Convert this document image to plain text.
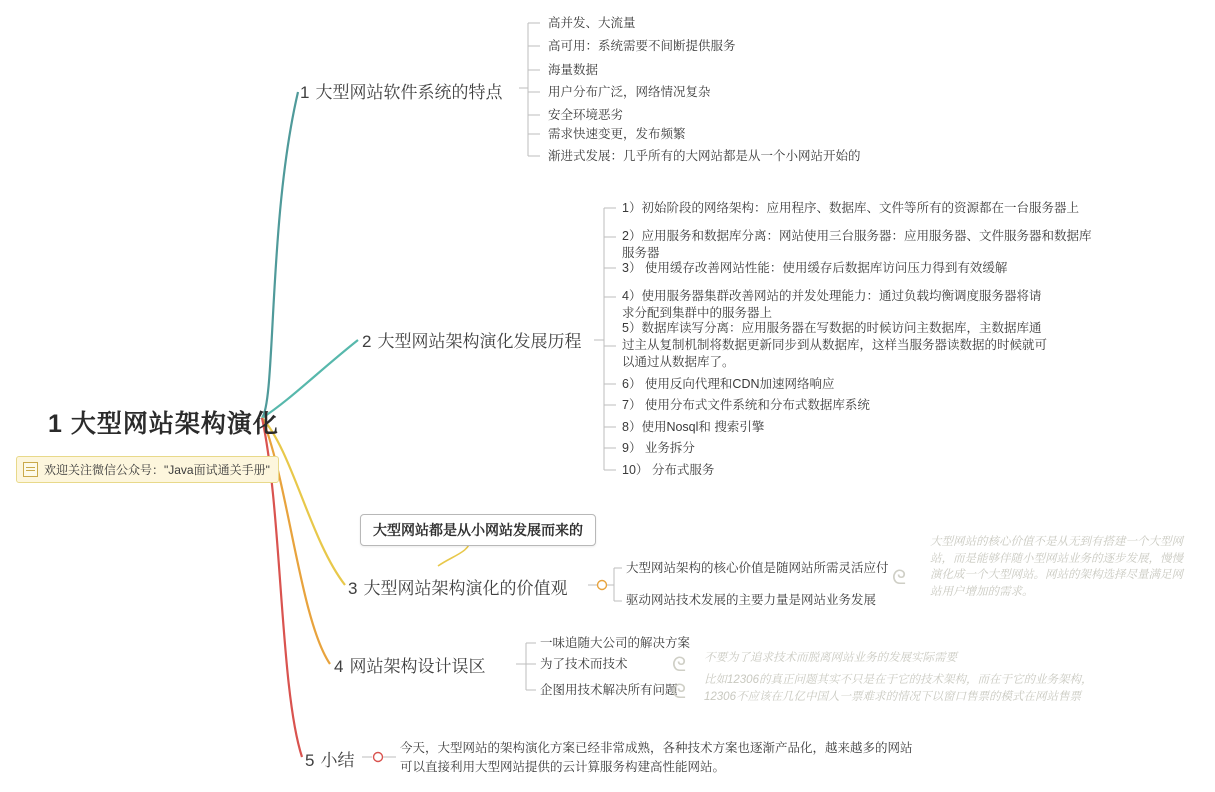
1 大型网站架构演化
欢迎关注微信公众号："Java面试通关手册"
1 大型网站软件系统的特点
高并发、大流量
高可用：系统需要不间断提供服务
海量数据
用户分布广泛，网络情况复杂
安全环境恶劣
需求快速变更，发布频繁
渐进式发展：几乎所有的大网站都是从一个小网站开始的
2 大型网站架构演化发展历程
1）初始阶段的网络架构：应用程序、数据库、文件等所有的资源都在一台服务器上
2）应用服务和数据库分离：网站使用三台服务器：应用服务器、文件服务器和数据库服务器
3） 使用缓存改善网站性能：使用缓存后数据库访问压力得到有效缓解
4）使用服务器集群改善网站的并发处理能力：通过负载均衡调度服务器将请求分配到集群中的服务器上
5）数据库读写分离：应用服务器在写数据的时候访问主数据库，主数据库通过主从复制机制将数据更新同步到从数据库，这样当服务器读数据的时候就可以通过从数据库了。
6） 使用反向代理和CDN加速网络响应
7） 使用分布式文件系统和分布式数据库系统
8）使用Nosql和 搜索引擎
9） 业务拆分
10） 分布式服务
大型网站都是从小网站发展而来的
3 大型网站架构演化的价值观
大型网站架构的核心价值是随网站所需灵活应付
驱动网站技术发展的主要力量是网站业务发展
ᘓ
大型网站的核心价值不是从无到有搭建一个大型网站，而是能够伴随小型网站业务的逐步发展，慢慢演化成一个大型网站。网站的架构选择尽量满足网站用户增加的需求。
4 网站架构设计误区
一味追随大公司的解决方案
为了技术而技术
企图用技术解决所有问题
ᘓ 不要为了追求技术而脱离网站业务的发展实际需要
ᘓ
比如12306的真正问题其实不只是在于它的技术架构，而在于它的业务架构，12306不应该在几亿中国人一票难求的情况下以窗口售票的模式在网站售票
5 小结
今天，大型网站的架构演化方案已经非常成熟，各种技术方案也逐渐产品化，越来越多的网站可以直接利用大型网站提供的云计算服务构建高性能网站。
